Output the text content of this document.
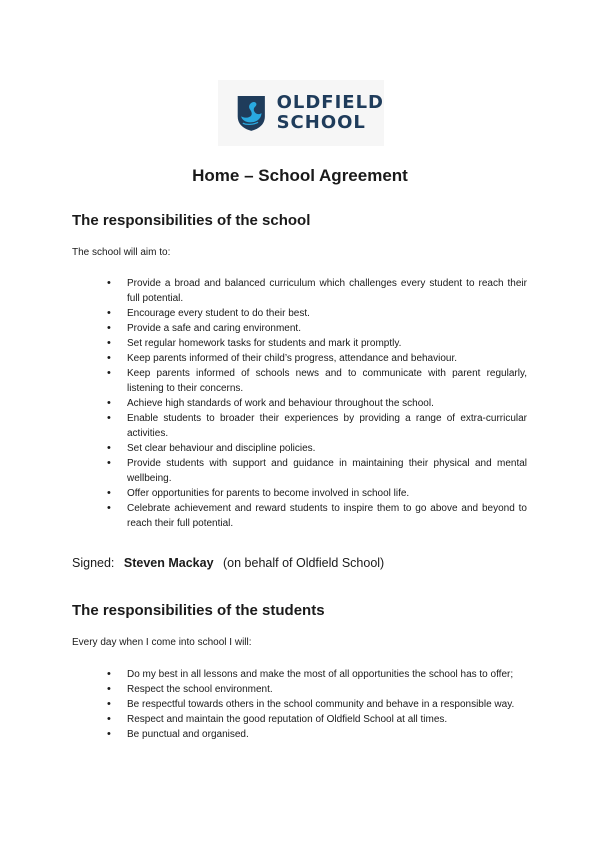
OLDFIELD
SCHOOL
Home – School Agreement
The responsibilities of the school

The school will aim to:

• Provide a broad and balanced curriculum which challenges every student to reach their full potential.
• Encourage every student to do their best.
• Provide a safe and caring environment.
• Set regular homework tasks for students and mark it promptly.
• Keep parents informed of their child’s progress, attendance and behaviour.
• Keep parents informed of schools news and to communicate with parent regularly, listening to their concerns.
• Achieve high standards of work and behaviour throughout the school.
• Enable students to broader their experiences by providing a range of extra-curricular activities.
• Set clear behaviour and discipline policies.
• Provide students with support and guidance in maintaining their physical and mental wellbeing.
• Offer opportunities for parents to become involved in school life.
• Celebrate achievement and reward students to inspire them to go above and beyond to reach their full potential.
Signed: Steven Mackay (on behalf of Oldfield School)
The responsibilities of the students

Every day when I come into school I will:

• Do my best in all lessons and make the most of all opportunities the school has to offer;
• Respect the school environment.
• Be respectful towards others in the school community and behave in a responsible way.
• Respect and maintain the good reputation of Oldfield School at all times.
• Be punctual and organised.
